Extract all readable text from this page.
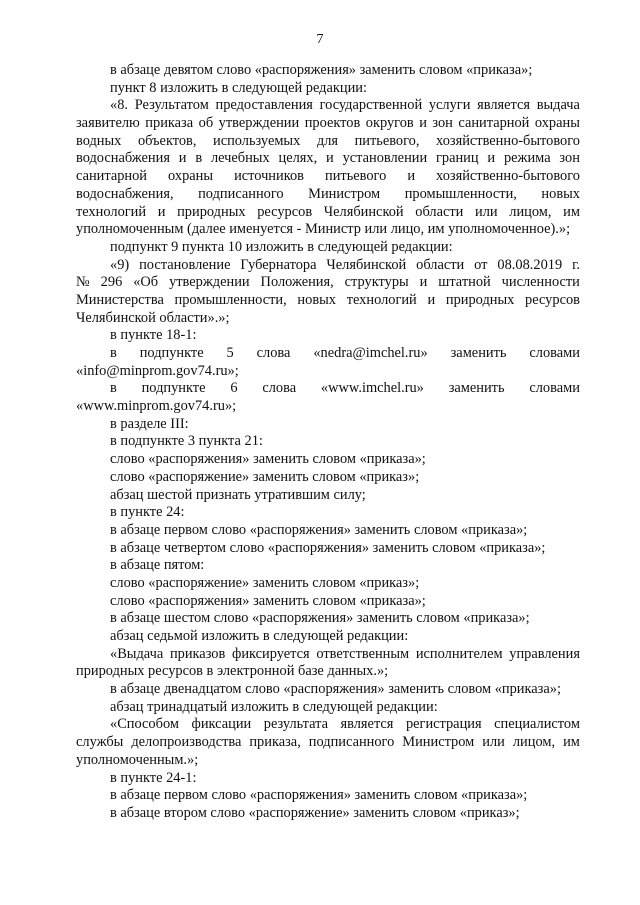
7
в абзаце девятом слово «распоряжения» заменить словом «приказа»;
пункт 8 изложить в следующей редакции:
«8. Результатом предоставления государственной услуги является выдача
заявителю приказа об утверждении проектов округов и зон санитарной охраны
водных объектов, используемых для питьевого, хозяйственно-бытового
водоснабжения и в лечебных целях, и установлении границ и режима зон
санитарной охраны источников питьевого и хозяйственно-бытового
водоснабжения, подписанного Министром промышленности, новых
технологий и природных ресурсов Челябинской области или лицом, им
уполномоченным (далее именуется - Министр или лицо, им уполномоченное).»;
подпункт 9 пункта 10 изложить в следующей редакции:
«9) постановление Губернатора Челябинской области от 08.08.2019 г.
№ 296 «Об утверждении Положения, структуры и штатной численности
Министерства промышленности, новых технологий и природных ресурсов
Челябинской области».»;
в пункте 18-1:
в подпункте 5 слова «nedra@imchel.ru» заменить словами
«info@minprom.gov74.ru»;
в подпункте 6 слова «www.imchel.ru» заменить словами
«www.minprom.gov74.ru»;
в разделе III:
в подпункте 3 пункта 21:
слово «распоряжения» заменить словом «приказа»;
слово «распоряжение» заменить словом «приказ»;
абзац шестой признать утратившим силу;
в пункте 24:
в абзаце первом слово «распоряжения» заменить словом «приказа»;
в абзаце четвертом слово «распоряжения» заменить словом «приказа»;
в абзаце пятом:
слово «распоряжение» заменить словом «приказ»;
слово «распоряжения» заменить словом «приказа»;
в абзаце шестом слово «распоряжения» заменить словом «приказа»;
абзац седьмой изложить в следующей редакции:
«Выдача приказов фиксируется ответственным исполнителем управления
природных ресурсов в электронной базе данных.»;
в абзаце двенадцатом слово «распоряжения» заменить словом «приказа»;
абзац тринадцатый изложить в следующей редакции:
«Способом фиксации результата является регистрация специалистом
службы делопроизводства приказа, подписанного Министром или лицом, им
уполномоченным.»;
в пункте 24-1:
в абзаце первом слово «распоряжения» заменить словом «приказа»;
в абзаце втором слово «распоряжение» заменить словом «приказ»;
